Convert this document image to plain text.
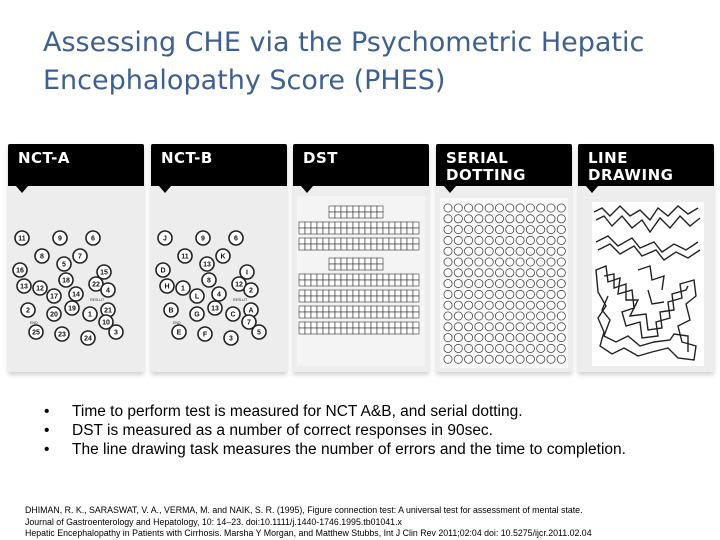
Assessing CHE via the Psychometric Hepatic
Encephalopathy Score (PHES)
NCT-A
11	9	6
8	7
5
16	15
13
18
12
22
14
17
4
2
20
19
1
21
25	23
24
3
10
RESLUT
END
NCT-B
J	9	6
11	K
13
D	I
H
8
1
12
4
L
2
B
G
13
C
A
E	F
3
5
7
RESLUT
END
DST	SERIAL
DOTTING
LINE
DRAWING
• Time to perform test is measured for NCT A&B, and serial dotting.
• DST is measured as a number of correct responses in 90sec.
• The line drawing task measures the number of errors and the time to completion.
DHIMAN, R. K., SARASWAT, V. A., VERMA, M. and NAIK, S. R. (1995), Figure connection test: A universal test for assessment of mental state.
Journal of Gastroenterology and Hepatology, 10: 14–23. doi:10.1111/j.1440-1746.1995.tb01041.x
Hepatic Encephalopathy in Patients with Cirrhosis. Marsha Y Morgan, and Matthew Stubbs, Int J Clin Rev 2011;02:04 doi: 10.5275/ijcr.2011.02.04
